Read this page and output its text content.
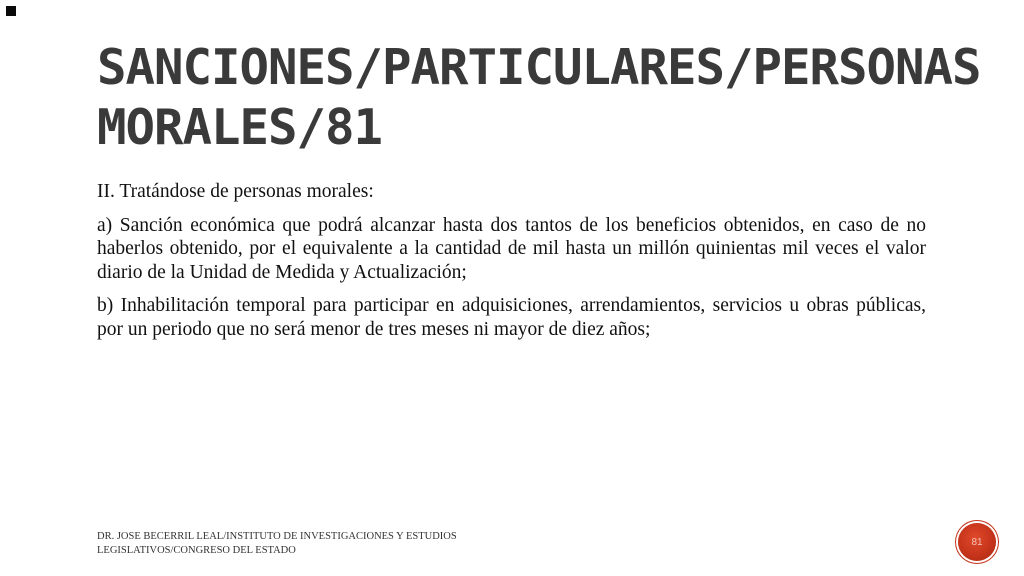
SANCIONES/PARTICULARES/PERSONAS MORALES/81

II. Tratándose de personas morales:

a) Sanción económica que podrá alcanzar hasta dos tantos de los beneficios obtenidos, en caso de no haberlos obtenido, por el equivalente a la cantidad de mil hasta un millón quinientas mil veces el valor diario de la Unidad de Medida y Actualización;

b) Inhabilitación temporal para participar en adquisiciones, arrendamientos, servicios u obras públicas, por un periodo que no será menor de tres meses ni mayor de diez años;

DR. JOSE BECERRIL LEAL/INSTITUTO DE INVESTIGACIONES Y ESTUDIOS LEGISLATIVOS/CONGRESO DEL ESTADO
81
